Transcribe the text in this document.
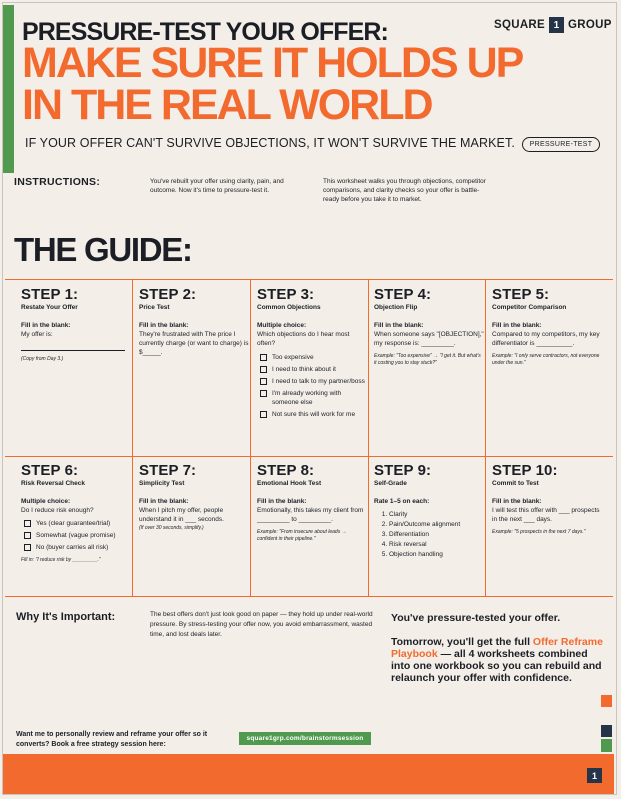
PRESSURE-TEST YOUR OFFER:
MAKE SURE IT HOLDS UP
IN THE REAL WORLD
SQUARE 1 GROUP
IF YOUR OFFER CAN'T SURVIVE OBJECTIONS, IT WON'T SURVIVE THE MARKET.	PRESSURE-TEST
INSTRUCTIONS:	You've rebuilt your offer using clarity, pain, and outcome. Now it's time to pressure-test it.
This worksheet walks you through objections, competitor comparisons, and clarity checks so your offer is battle-ready before you take it to market.
THE GUIDE:
STEP 1:
Restate Your Offer
Fill in the blank:
My offer is:
(Copy from Day 3.)
STEP 2:
Price Test
Fill in the blank:
They're frustrated with The price I currently charge (or want to charge) is $_____.
STEP 3:
Common Objections
Multiple choice:
Which objections do I hear most often?
Too expensive
I need to think about it
I need to talk to my partner/boss
I'm already working with someone else
Not sure this will work for me
STEP 4:
Objection Flip
Fill in the blank:
When someone says "[OBJECTION]," my response is: _________.
Example: "Too expensive" → "I get it. But what's it costing you to stay stuck?"
STEP 5:
Competitor Comparison
Fill in the blank:
Compared to my competitors, my key differentiator is __________.
Example: "I only serve contractors, not everyone under the sun."
STEP 6:
Risk Reversal Check
Multiple choice:
Do I reduce risk enough?
Yes (clear guarantee/trial)
Somewhat (vague promise)
No (buyer carries all risk)
Fill in: "I reduce risk by _________."
STEP 7:
Simplicity Test
Fill in the blank:
When I pitch my offer, people understand it in ___ seconds.
(If over 30 seconds, simplify.)
STEP 8:
Emotional Hook Test
Fill in the blank:
Emotionally, this takes my client from _________ to _________.
Example: "From insecure about leads → confident in their pipeline."
STEP 9:
Self-Grade
Rate 1–5 on each:
1. Clarity
2. Pain/Outcome alignment
3. Differentiation
4. Risk reversal
5. Objection handling
STEP 10:
Commit to Test
Fill in the blank:
I will test this offer with ___ prospects in the next ___ days.
Example: "5 prospects in the next 7 days."
Why It's Important:	The best offers don't just look good on paper — they hold up under real-world pressure. By stress-testing your offer now, you avoid embarrassment, wasted time, and lost deals later.
You've pressure-tested your offer.
Tomorrow, you'll get the full Offer Reframe Playbook — all 4 worksheets combined into one workbook so you can rebuild and relaunch your offer with confidence.
Want me to personally review and reframe your offer so it converts? Book a free strategy session here:
square1grp.com/brainstormsession
1
